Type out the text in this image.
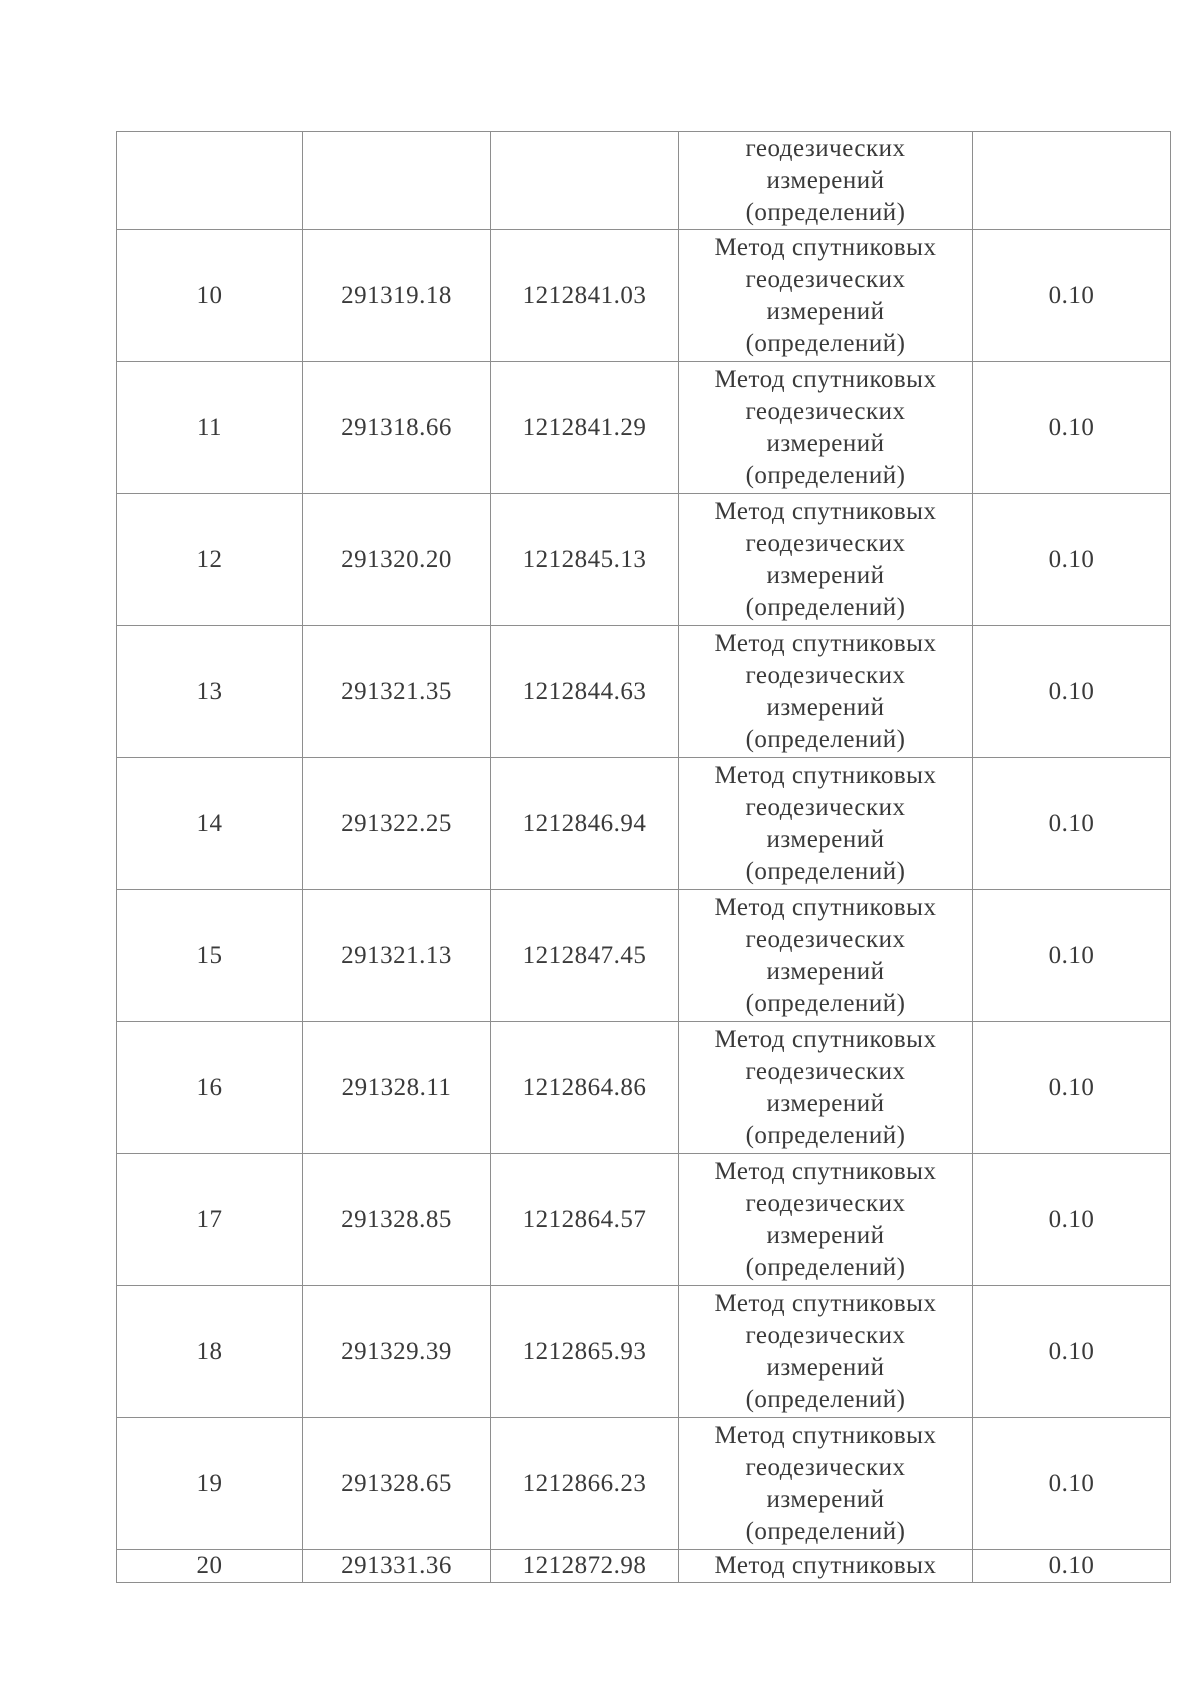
			геодезических
измерений
(определений)	

10	291319.18	1212841.03	Метод спутниковых
геодезических
измерений
(определений)	0.10
11	291318.66	1212841.29	Метод спутниковых
геодезических
измерений
(определений)	0.10
12	291320.20	1212845.13	Метод спутниковых
геодезических
измерений
(определений)	0.10
13	291321.35	1212844.63	Метод спутниковых
геодезических
измерений
(определений)	0.10
14	291322.25	1212846.94	Метод спутниковых
геодезических
измерений
(определений)	0.10
15	291321.13	1212847.45	Метод спутниковых
геодезических
измерений
(определений)	0.10
16	291328.11	1212864.86	Метод спутниковых
геодезических
измерений
(определений)	0.10
17	291328.85	1212864.57	Метод спутниковых
геодезических
измерений
(определений)	0.10
18	291329.39	1212865.93	Метод спутниковых
геодезических
измерений
(определений)	0.10
19	291328.65	1212866.23	Метод спутниковых
геодезических
измерений
(определений)	0.10
20	291331.36	1212872.98	Метод спутниковых	0.10
